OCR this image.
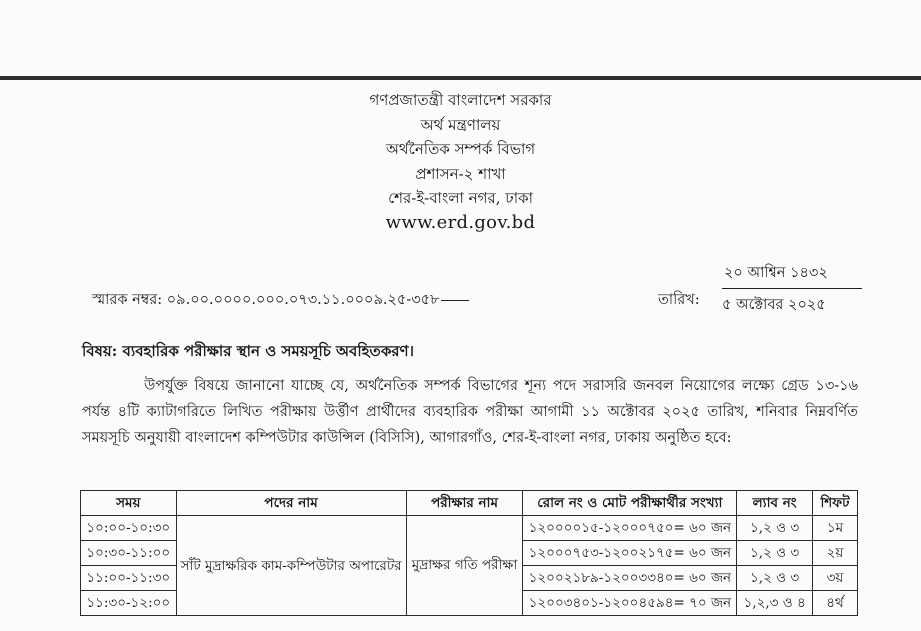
গণপ্রজাতন্ত্রী বাংলাদেশ সরকার
অর্থ মন্ত্রণালয়
অর্থনৈতিক সম্পর্ক বিভাগ
প্রশাসন-২ শাখা
শের-ই-বাংলা নগর, ঢাকা
www.erd.gov.bd
স্মারক নম্বর: ০৯.০০.০০০০.০০০.০৭৩.১১.০০০৯.২৫-৩৫৮	তারিখ:
২০ আশ্বিন ১৪৩২
৫ অক্টোবর ২০২৫
বিষয়: ব্যবহারিক পরীক্ষার স্থান ও সময়সূচি অবহিতকরণ।

উপর্যুক্ত বিষয়ে জানানো যাচ্ছে যে, অর্থনৈতিক সম্পর্ক বিভাগের শূন্য পদে সরাসরি জনবল নিয়োগের লক্ষ্যে গ্রেড ১৩-১৬ পর্যন্ত ৪টি ক্যাটাগরিতে লিখিত পরীক্ষায় উর্ত্তীণ প্রার্থীদের ব্যবহারিক পরীক্ষা আগামী ১১ অক্টোবর ২০২৫ তারিখ, শনিবার নিম্নবর্ণিত সময়সূচি অনুযায়ী বাংলাদেশ কম্পিউটার কাউন্সিল (বিসিসি), আগারগাঁও, শের-ই-বাংলা নগর, ঢাকায় অনুষ্ঠিত হবে:

সময়	পদের নাম	পরীক্ষার নাম	রোল নং ও মোট পরীক্ষার্থীর সংখ্যা	ল্যাব নং	শিফট
১০:০০-১০:৩০	সাঁট মুদ্রাক্ষরিক কাম-কম্পিউটার অপারেটর	মুদ্রাক্ষর গতি পরীক্ষা	১২০০০০১৫-১২০০০৭৫০= ৬০ জন	১,২ ও ৩	১ম
১০:৩০-১১:০০			১২০০০৭৫৩-১২০০২১৭৫= ৬০ জন	১,২ ও ৩	২য়
১১:০০-১১:৩০			১২০০২১৮৯-১২০০৩৩৪০= ৬০ জন	১,২ ও ৩	৩য়
১১:৩০-১২:০০			১২০০৩৪০১-১২০০৪৫৯৪= ৭০ জন	১,২,৩ ও ৪	৪র্থ
